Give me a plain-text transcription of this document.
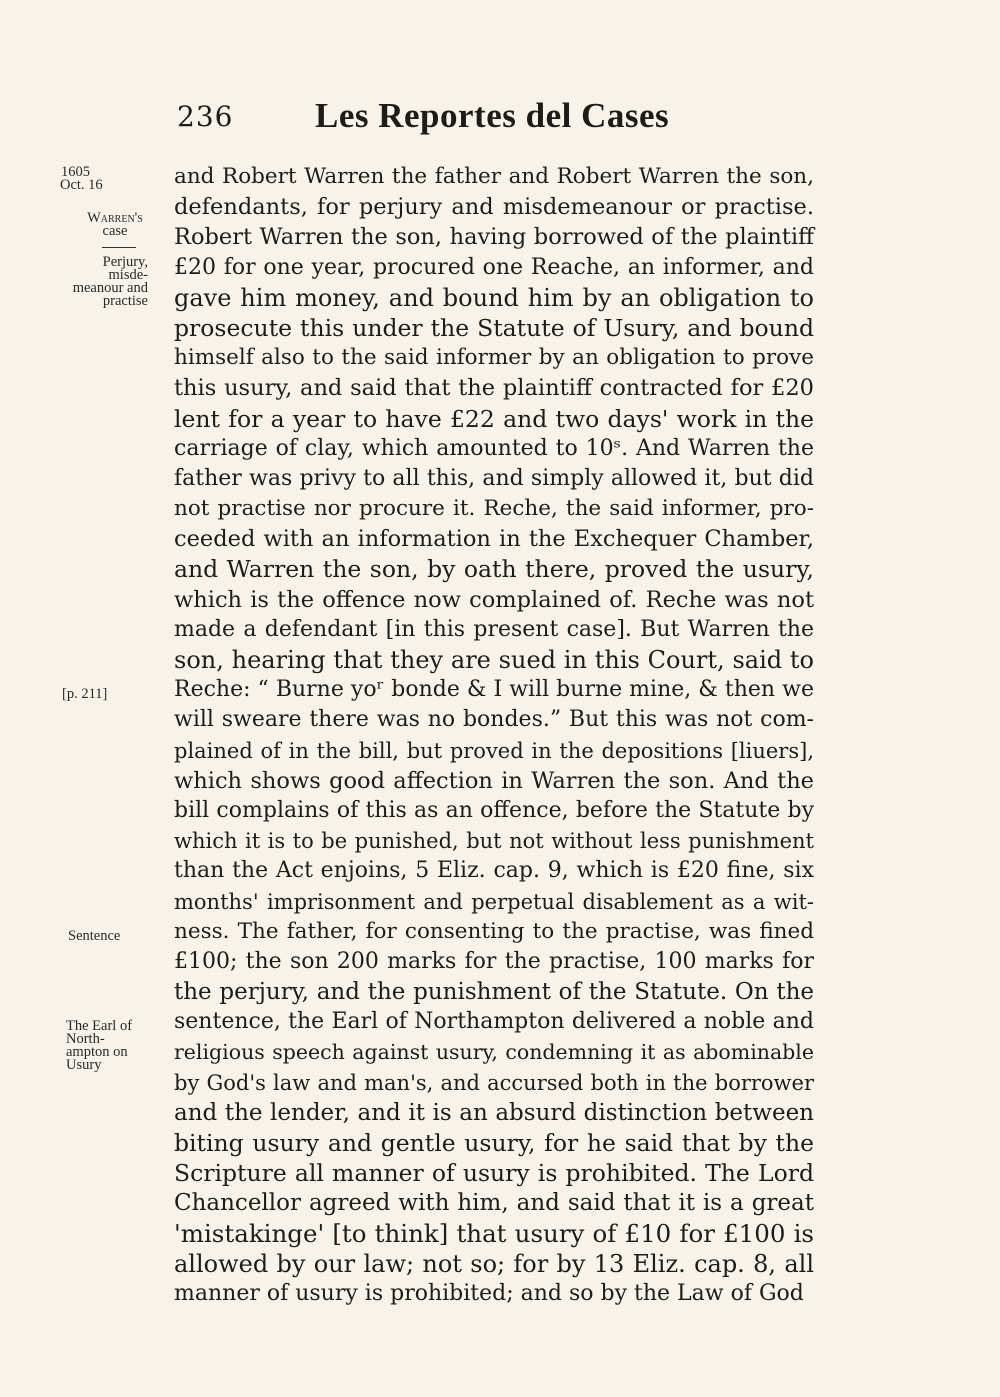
236 Les Reportes del Cases
1605
Oct. 16
Warren's
case
Perjury,
misde-
meanour and
practise
[p. 211]
Sentence
The Earl of
North-
ampton on
Usury
and Robert Warren the father and Robert Warren the son,
defendants, for perjury and misdemeanour or practise.
Robert Warren the son, having borrowed of the plaintiff
£20 for one year, procured one Reache, an informer, and
gave him money, and bound him by an obligation to
prosecute this under the Statute of Usury, and bound
himself also to the said informer by an obligation to prove
this usury, and said that the plaintiff contracted for £20
lent for a year to have £22 and two days' work in the
carriage of clay, which amounted to 10ˢ. And Warren the
father was privy to all this, and simply allowed it, but did
not practise nor procure it. Reche, the said informer, pro-
ceeded with an information in the Exchequer Chamber,
and Warren the son, by oath there, proved the usury,
which is the offence now complained of. Reche was not
made a defendant [in this present case]. But Warren the
son, hearing that they are sued in this Court, said to
Reche: “ Burne yoʳ bonde & I will burne mine, & then we
will sweare there was no bondes.” But this was not com-
plained of in the bill, but proved in the depositions [liuers],
which shows good affection in Warren the son. And the
bill complains of this as an offence, before the Statute by
which it is to be punished, but not without less punishment
than the Act enjoins, 5 Eliz. cap. 9, which is £20 fine, six
months' imprisonment and perpetual disablement as a wit-
ness. The father, for consenting to the practise, was fined
£100; the son 200 marks for the practise, 100 marks for
the perjury, and the punishment of the Statute. On the
sentence, the Earl of Northampton delivered a noble and
religious speech against usury, condemning it as abominable
by God's law and man's, and accursed both in the borrower
and the lender, and it is an absurd distinction between
biting usury and gentle usury, for he said that by the
Scripture all manner of usury is prohibited. The Lord
Chancellor agreed with him, and said that it is a great
'mistakinge' [to think] that usury of £10 for £100 is
allowed by our law; not so; for by 13 Eliz. cap. 8, all
manner of usury is prohibited; and so by the Law of God
